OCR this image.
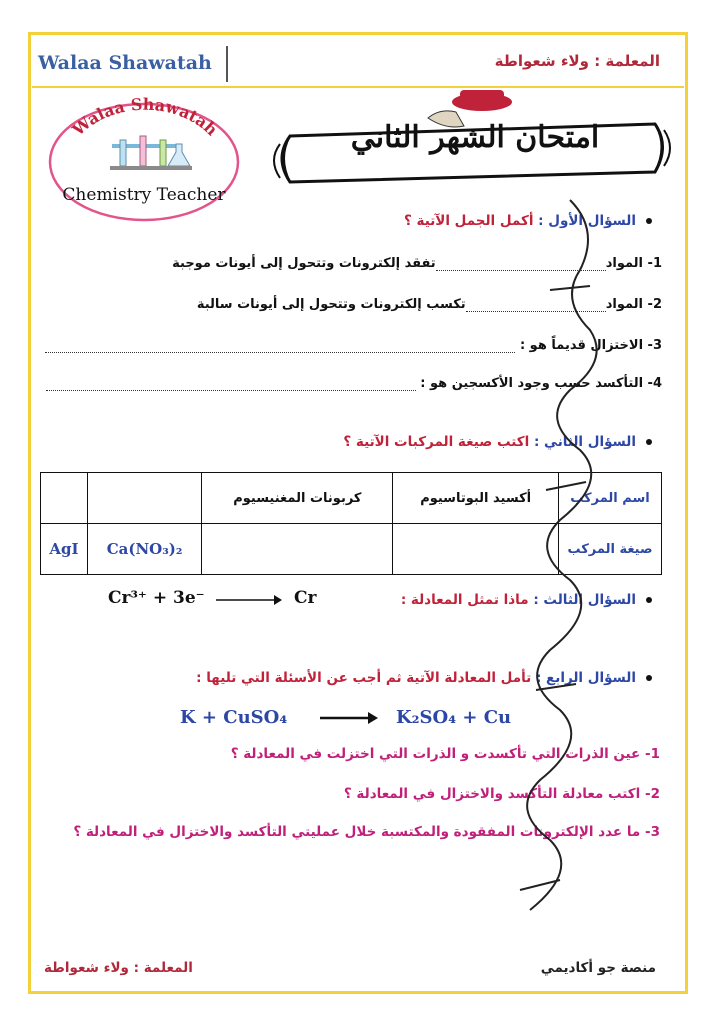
Walaa Shawatah	المعلمة : ولاء شعواطة
Walaa Shawatah
Chemistry Teacher
امتحان الشهر الثاني
السؤال الأول : أكمل الجمل الآتية ؟
1- الموادتفقد إلكترونات وتتحول إلى أيونات موجبة
2- الموادتكسب إلكترونات وتتحول إلى أيونات سالبة
3- الاختزال قديماً هو :
4- التأكسد حسب وجود الأكسجين هو :
السؤال الثاني : اكتب صيغة المركبات الآتية ؟
اسم المركب	أكسيد البوتاسيوم	كربونات المغنيسيوم		
صيغة المركب			Ca(NO₃)₂	AgI
السؤال الثالث : ماذا تمثل المعادلة :
Cr³⁺ + 3e⁻	Cr
السؤال الرابع : تأمل المعادلة الآتية ثم أجب عن الأسئلة التي تليها :
K + CuSO₄	K₂SO₄ + Cu
1- عين الذرات التي تأكسدت و الذرات التي اختزلت في المعادلة ؟
2- اكتب معادلة التأكسد والاختزال في المعادلة ؟
3- ما عدد الإلكترونات المفقودة والمكتسبة خلال عمليتي التأكسد والاختزال في المعادلة ؟
منصة جو أكاديمي
المعلمة : ولاء شعواطة
